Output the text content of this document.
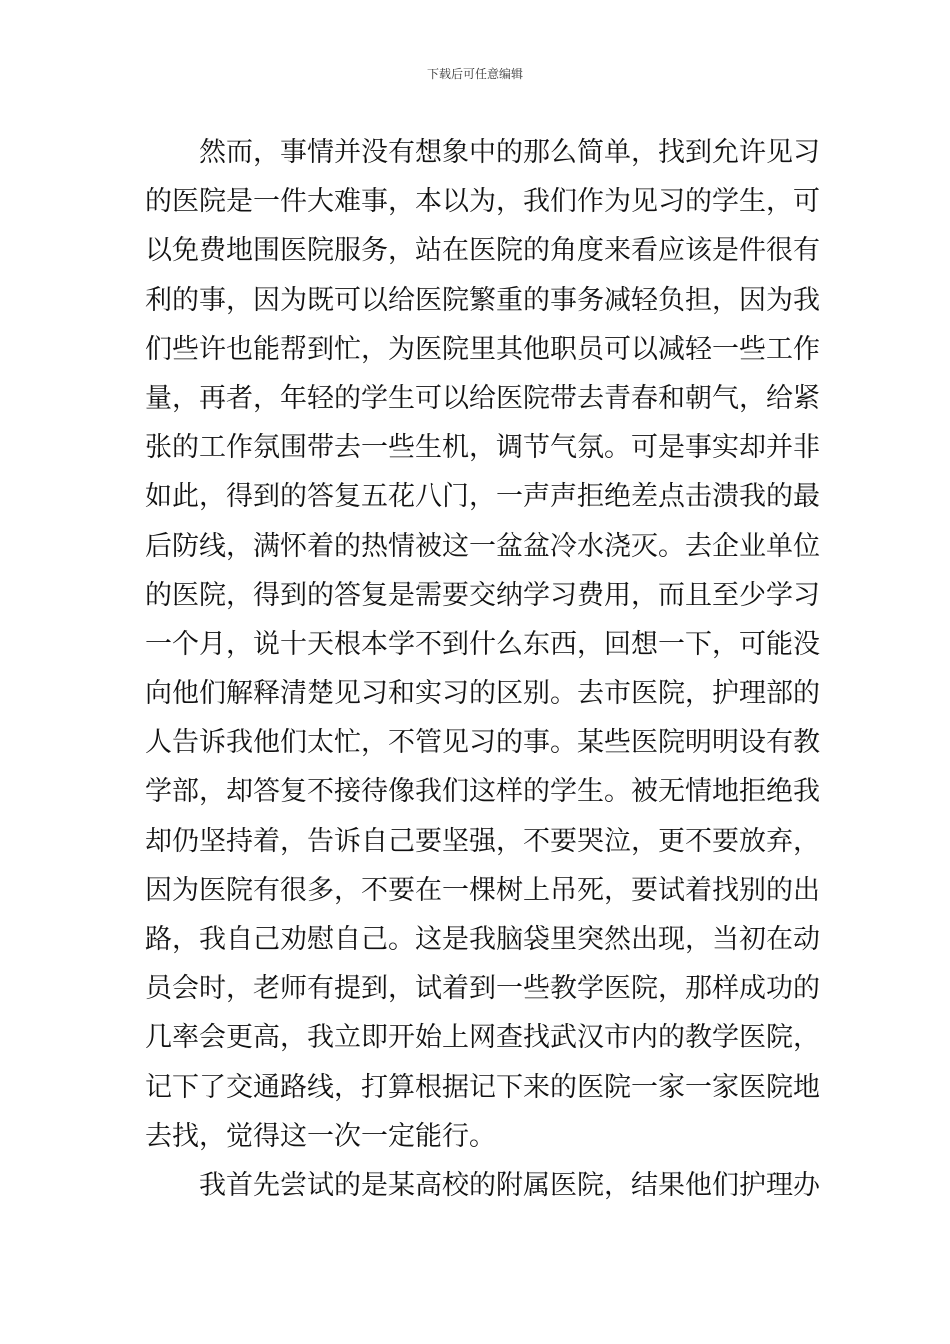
下载后可任意编辑
然而，事情并没有想象中的那么简单，找到允许见习
的医院是一件大难事，本以为，我们作为见习的学生，可
以免费地围医院服务，站在医院的角度来看应该是件很有
利的事，因为既可以给医院繁重的事务减轻负担，因为我
们些许也能帮到忙，为医院里其他职员可以减轻一些工作
量，再者，年轻的学生可以给医院带去青春和朝气，给紧
张的工作氛围带去一些生机，调节气氛。可是事实却并非
如此，得到的答复五花八门，一声声拒绝差点击溃我的最
后防线，满怀着的热情被这一盆盆冷水浇灭。去企业单位
的医院，得到的答复是需要交纳学习费用，而且至少学习
一个月，说十天根本学不到什么东西，回想一下，可能没
向他们解释清楚见习和实习的区别。去市医院，护理部的
人告诉我他们太忙，不管见习的事。某些医院明明设有教
学部，却答复不接待像我们这样的学生。被无情地拒绝我
却仍坚持着，告诉自己要坚强，不要哭泣，更不要放弃，
因为医院有很多，不要在一棵树上吊死，要试着找别的出
路，我自己劝慰自己。这是我脑袋里突然出现，当初在动
员会时，老师有提到，试着到一些教学医院，那样成功的
几率会更高，我立即开始上网查找武汉市内的教学医院，
记下了交通路线，打算根据记下来的医院一家一家医院地
去找，觉得这一次一定能行。
我首先尝试的是某高校的附属医院，结果他们护理办
